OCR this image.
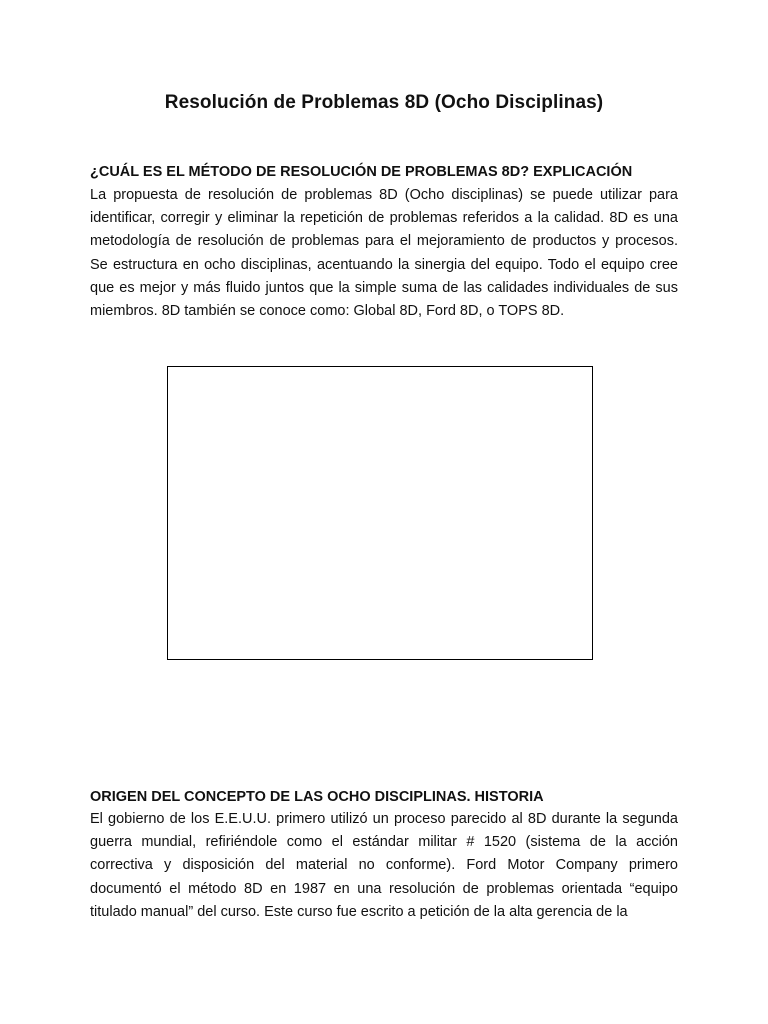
Resolución de Problemas 8D (Ocho Disciplinas)
¿CUÁL ES EL MÉTODO DE RESOLUCIÓN DE PROBLEMAS 8D? EXPLICACIÓN

La propuesta de resolución de problemas 8D (Ocho disciplinas) se puede utilizar para identificar, corregir y eliminar la repetición de problemas referidos a la calidad. 8D es una metodología de resolución de problemas para el mejoramiento de productos y procesos. Se estructura en ocho disciplinas, acentuando la sinergia del equipo. Todo el equipo cree que es mejor y más fluido juntos que la simple suma de las calidades individuales de sus miembros. 8D también se conoce como: Global 8D, Ford 8D, o TOPS 8D.

ORIGEN DEL CONCEPTO DE LAS OCHO DISCIPLINAS. HISTORIA

El gobierno de los E.E.U.U. primero utilizó un proceso parecido al 8D durante la segunda guerra mundial, refiriéndole como el estándar militar # 1520 (sistema de la acción correctiva y disposición del material no conforme). Ford Motor Company primero documentó el método 8D en 1987 en una resolución de problemas orientada “equipo titulado manual” del curso. Este curso fue escrito a petición de la alta gerencia de la
